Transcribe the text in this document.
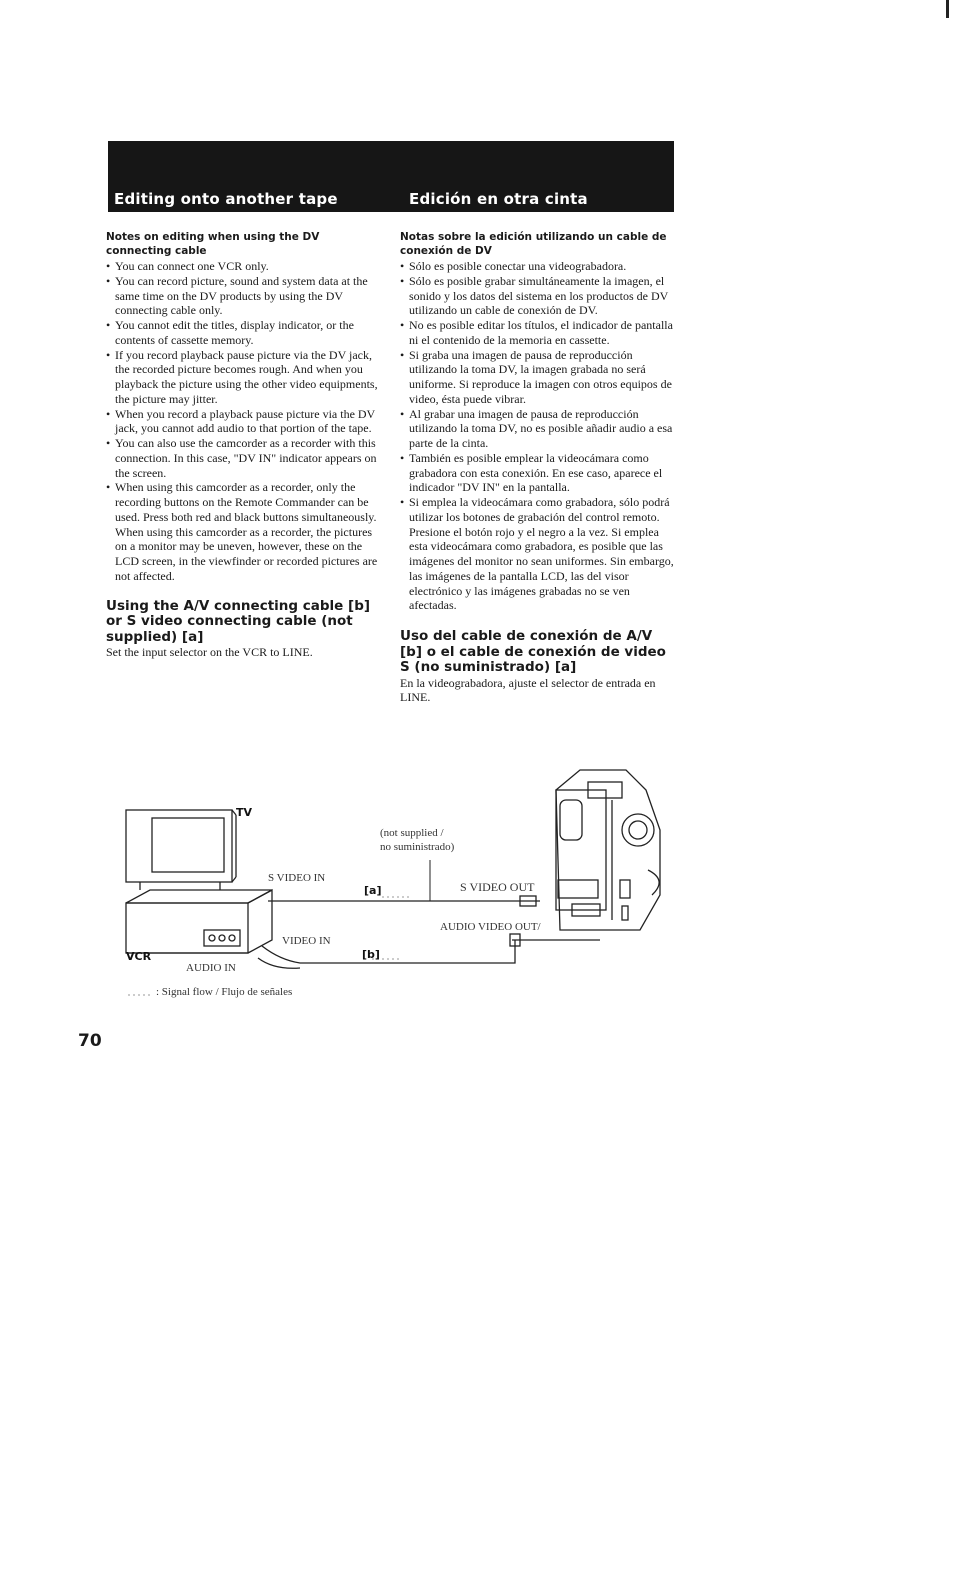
Editing onto another tape	Edición en otra cinta

Notes on editing when using the DV connecting cable

• You can connect one VCR only.
• You can record picture, sound and system data at the same time on the DV products by using the DV connecting cable only.
• You cannot edit the titles, display indicator, or the contents of cassette memory.
• If you record playback pause picture via the DV jack, the recorded picture becomes rough. And when you playback the picture using the other video equipments, the picture may jitter.
• When you record a playback pause picture via the DV jack, you cannot add audio to that portion of the tape.
• You can also use the camcorder as a recorder with this connection. In this case, "DV IN" indicator appears on the screen.
• When using this camcorder as a recorder, only the recording buttons on the Remote Commander can be used. Press both red and black buttons simultaneously. When using this camcorder as a recorder, the pictures on a monitor may be uneven, however, these on the LCD screen, in the viewfinder or recorded pictures are not affected.

Using the A/V connecting cable [b] or S video connecting cable (not supplied) [a]

Set the input selector on the VCR to LINE.

Notas sobre la edición utilizando un cable de conexión de DV

• Sólo es posible conectar una videograbadora.
• Sólo es posible grabar simultáneamente la imagen, el sonido y los datos del sistema en los productos de DV utilizando un cable de conexión de DV.
• No es posible editar los títulos, el indicador de pantalla ni el contenido de la memoria en cassette.
• Si graba una imagen de pausa de reproducción utilizando la toma DV, la imagen grabada no será uniforme. Si reproduce la imagen con otros equipos de video, ésta puede vibrar.
• Al grabar una imagen de pausa de reproducción utilizando la toma DV, no es posible añadir audio a esa parte de la cinta.
• También es posible emplear la videocámara como grabadora con esta conexión. En ese caso, aparece el indicador "DV IN" en la pantalla.
• Si emplea la videocámara como grabadora, sólo podrá utilizar los botones de grabación del control remoto. Presione el botón rojo y el negro a la vez. Si emplea esta videocámara como grabadora, es posible que las imágenes del monitor no sean uniformes. Sin embargo, las imágenes de la pantalla LCD, las del visor electrónico y las imágenes grabadas no se ven afectadas.

Uso del cable de conexión de A/V [b] o el cable de conexión de video S (no suministrado) [a]

En la videograbadora, ajuste el selector de entrada en LINE.

TV
VCR
S VIDEO IN
VIDEO IN
AUDIO IN
(not supplied /
no suministrado)
[a]
[b]
S VIDEO OUT
AUDIO VIDEO OUT/
: Signal flow / Flujo de señales
70
